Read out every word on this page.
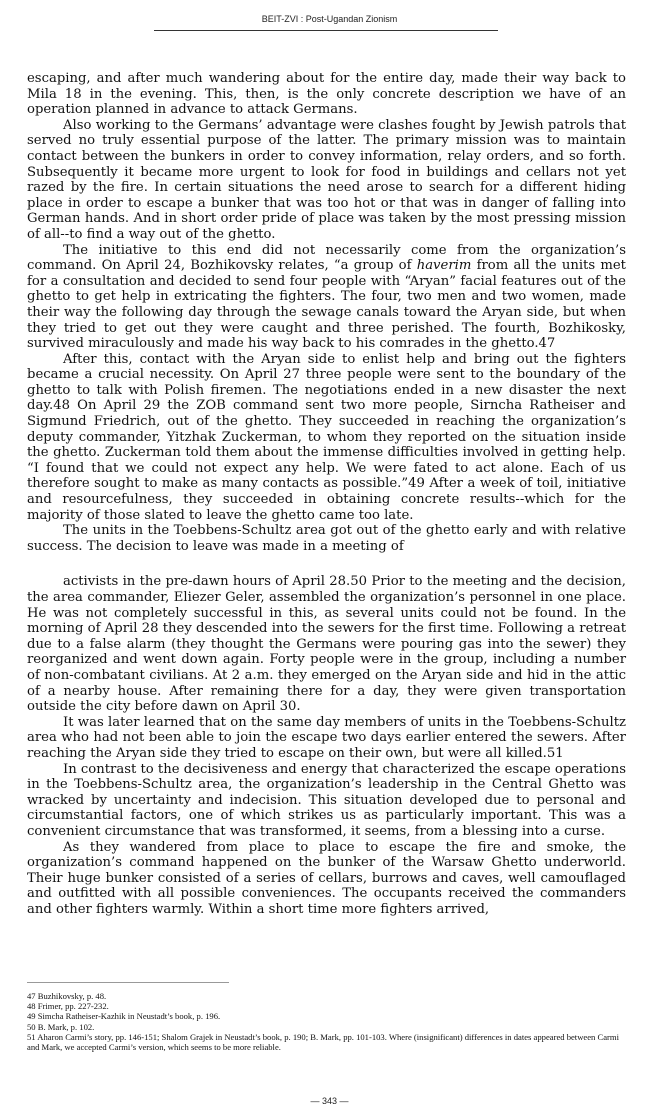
BEIT-ZVI : Post-Ugandan Zionism

escaping, and after much wandering about for the entire day, made their way back to Mila 18 in the evening. This, then, is the only concrete description we have of an operation planned in advance to attack Germans.

Also working to the Germans’ advantage were clashes fought by Jewish patrols that served no truly essential purpose of the latter. The primary mission was to maintain contact between the bunkers in order to convey information, relay orders, and so forth. Subsequently it became more urgent to look for food in buildings and cellars not yet razed by the fire. In certain situations the need arose to search for a different hiding place in order to escape a bunker that was too hot or that was in danger of falling into German hands. And in short order pride of place was taken by the most pressing mission of all--to find a way out of the ghetto.

The initiative to this end did not necessarily come from the organization’s command. On April 24, Bozhikovsky relates, “a group of haverim from all the units met for a consultation and decided to send four people with “Aryan” facial features out of the ghetto to get help in extricating the fighters. The four, two men and two women, made their way the following day through the sewage canals toward the Aryan side, but when they tried to get out they were caught and three perished. The fourth, Bozhikosky, survived miraculously and made his way back to his comrades in the ghetto.47

After this, contact with the Aryan side to enlist help and bring out the fighters became a crucial necessity. On April 27 three people were sent to the boundary of the ghetto to talk with Polish firemen. The negotiations ended in a new disaster the next day.48 On April 29 the ZOB command sent two more people, Sirncha Ratheiser and Sigmund Friedrich, out of the ghetto. They succeeded in reaching the organization’s deputy commander, Yitzhak Zuckerman, to whom they reported on the situation inside the ghetto. Zuckerman told them about the immense difficulties involved in getting help. “I found that we could not expect any help. We were fated to act alone. Each of us therefore sought to make as many contacts as possible.”49 After a week of toil, initiative and resourcefulness, they succeeded in obtaining concrete results--which for the majority of those slated to leave the ghetto came too late.

The units in the Toebbens-Schultz area got out of the ghetto early and with relative success. The decision to leave was made in a meeting of

activists in the pre-dawn hours of April 28.50 Prior to the meeting and the decision, the area commander, Eliezer Geler, assembled the organization’s personnel in one place. He was not completely successful in this, as several units could not be found. In the morning of April 28 they descended into the sewers for the first time. Following a retreat due to a false alarm (they thought the Germans were pouring gas into the sewer) they reorganized and went down again. Forty people were in the group, including a number of non-combatant civilians. At 2 a.m. they emerged on the Aryan side and hid in the attic of a nearby house. After remaining there for a day, they were given transportation outside the city before dawn on April 30.

It was later learned that on the same day members of units in the Toebbens-Schultz area who had not been able to join the escape two days earlier entered the sewers. After reaching the Aryan side they tried to escape on their own, but were all killed.51

In contrast to the decisiveness and energy that characterized the escape operations in the Toebbens-Schultz area, the organization’s leadership in the Central Ghetto was wracked by uncertainty and indecision. This situation developed due to personal and circumstantial factors, one of which strikes us as particularly important. This was a convenient circumstance that was transformed, it seems, from a blessing into a curse.

As they wandered from place to place to escape the fire and smoke, the organization’s command happened on the bunker of the Warsaw Ghetto underworld. Their huge bunker consisted of a series of cellars, burrows and caves, well camouflaged and outfitted with all possible conveniences. The occupants received the commanders and other fighters warmly. Within a short time more fighters arrived,

47 Buzhikovsky, p. 48.
48 Frimer, pp. 227-232.
49 Simcha Ratheiser-Kazhik in Neustadt’s book, p. 196.
50 B. Mark, p. 102.
51 Aharon Carmi’s story, pp. 146-151; Shalom Grajek in Neustadt’s book, p. 190; B. Mark, pp. 101-103. Where (insignificant) differences in dates appeared between Carmi and Mark, we accepted Carmi’s version, which seems to be more reliable.
— 343 —
